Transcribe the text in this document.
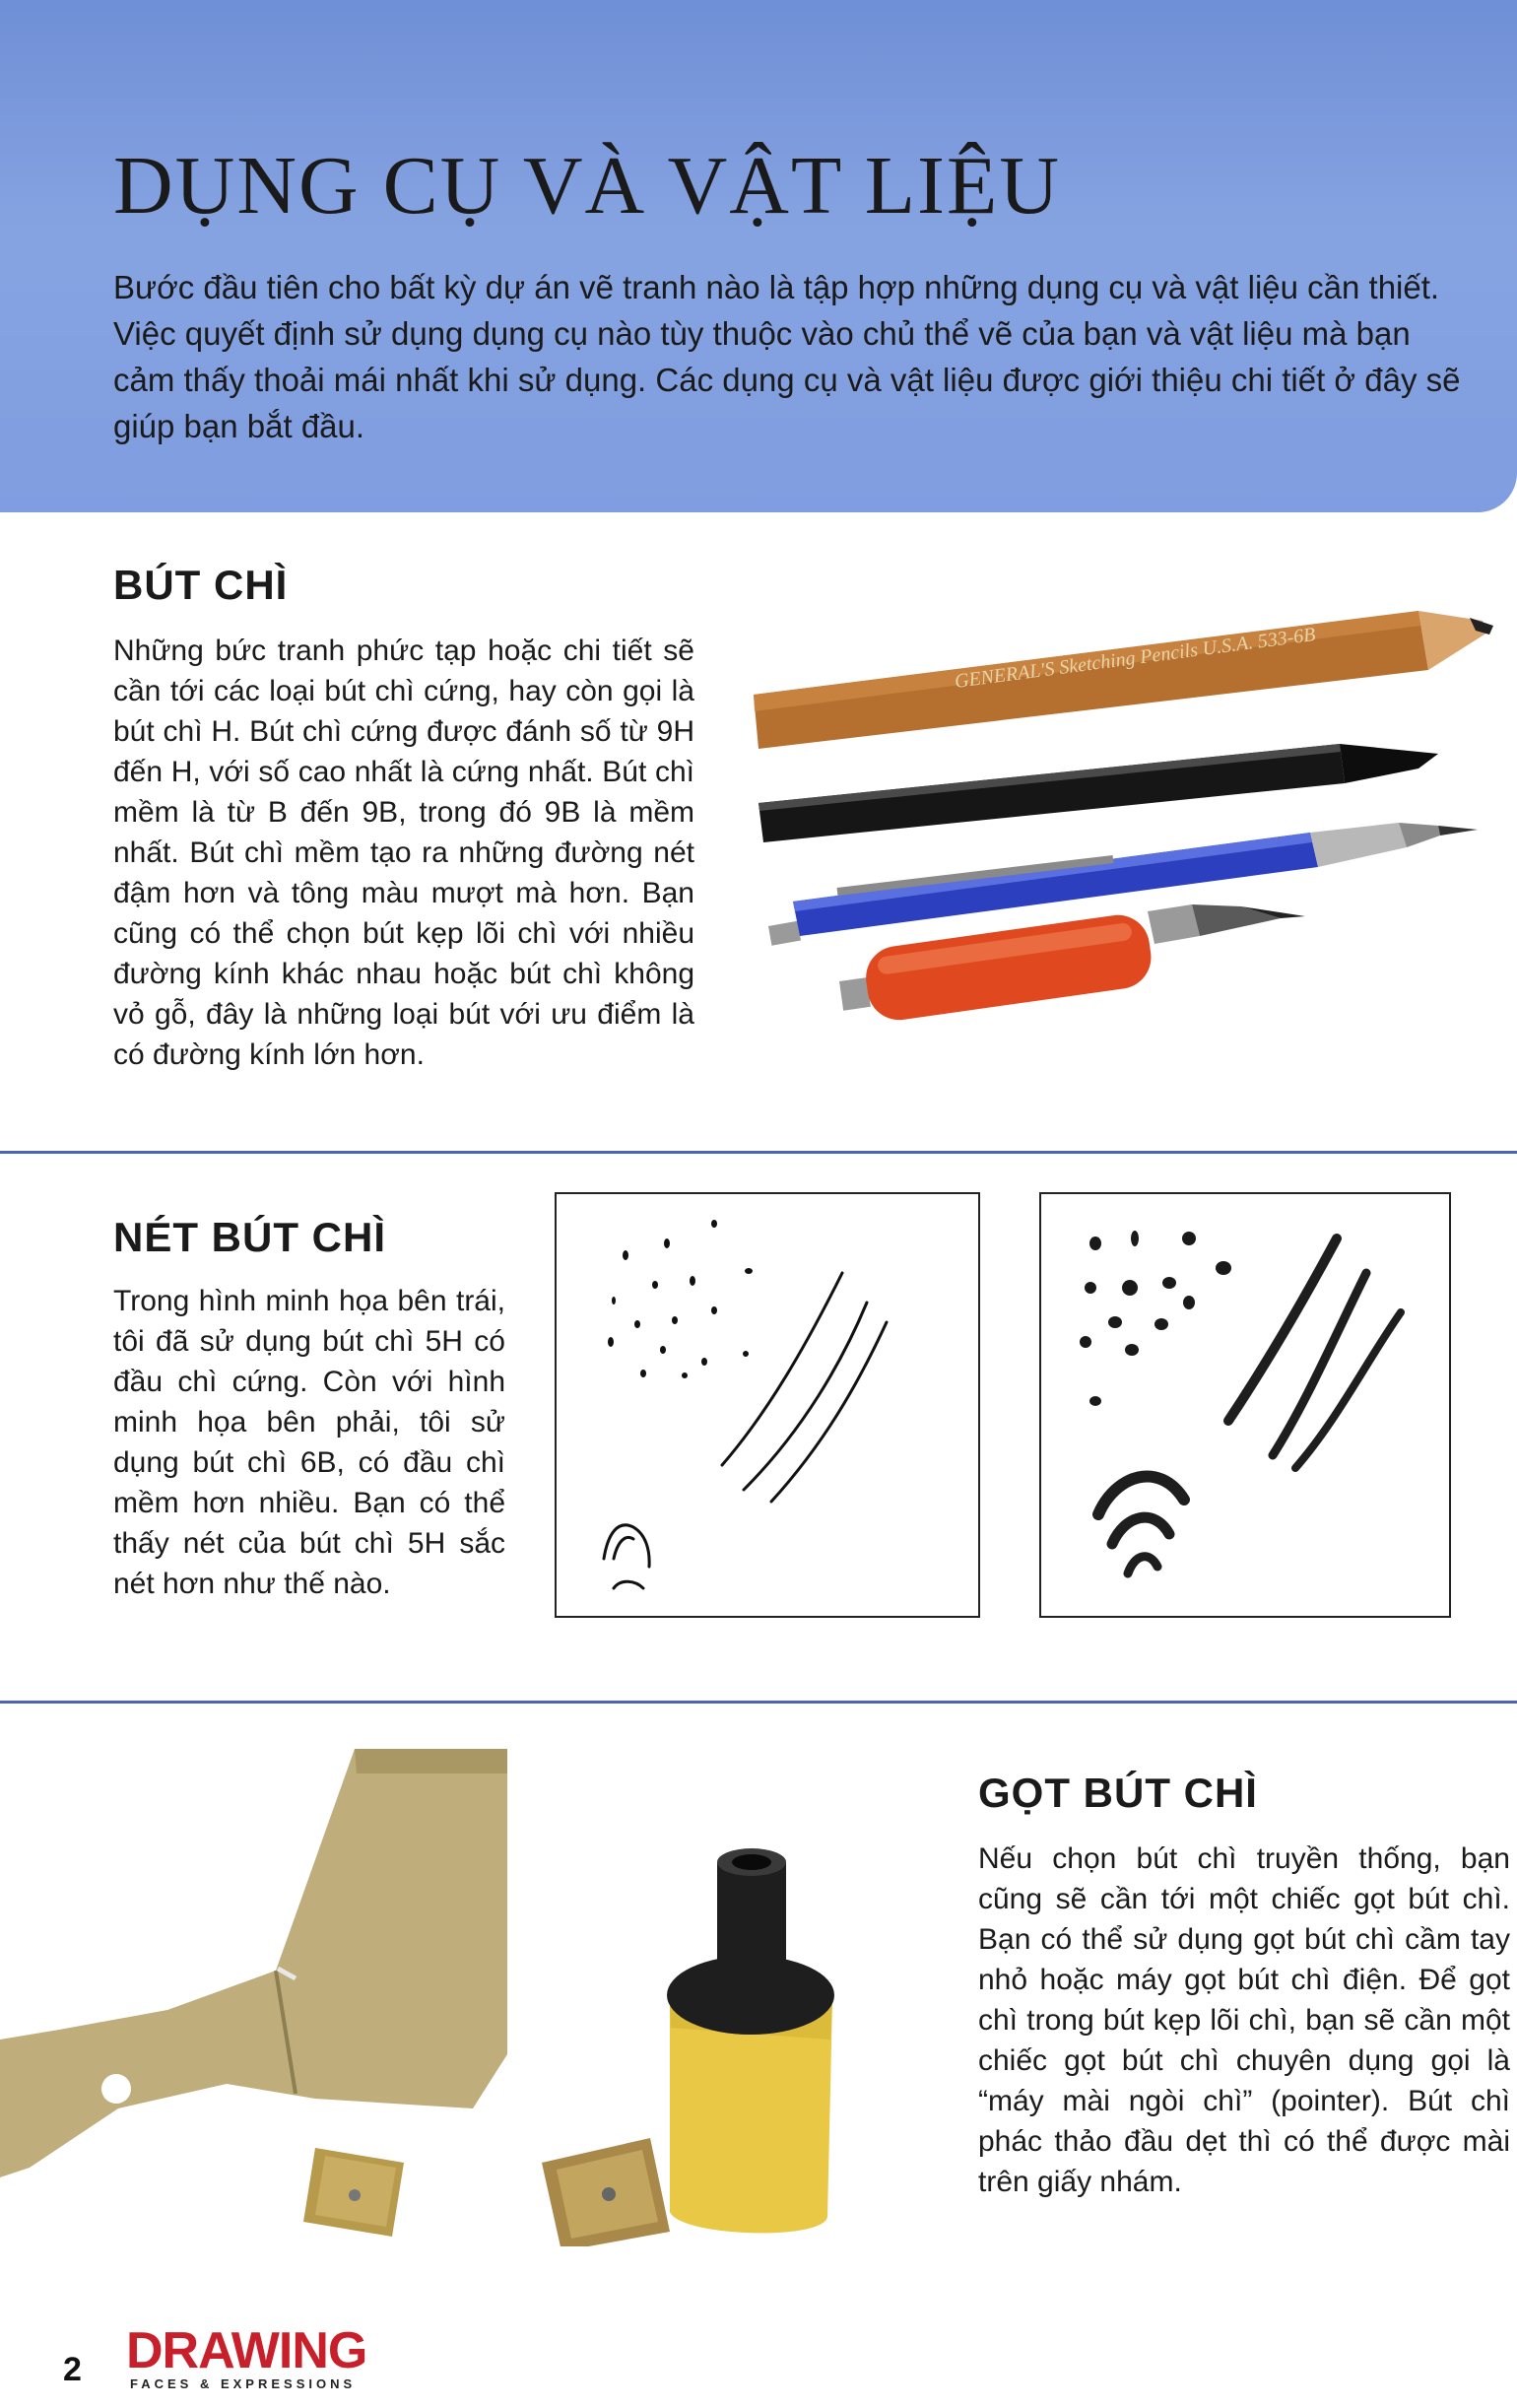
DỤNG CỤ VÀ VẬT LIỆU

Bước đầu tiên cho bất kỳ dự án vẽ tranh nào là tập hợp những dụng cụ và vật liệu cần thiết. Việc quyết định sử dụng dụng cụ nào tùy thuộc vào chủ thể vẽ của bạn và vật liệu mà bạn cảm thấy thoải mái nhất khi sử dụng. Các dụng cụ và vật liệu được giới thiệu chi tiết ở đây sẽ giúp bạn bắt đầu.

BÚT CHÌ

Những bức tranh phức tạp hoặc chi tiết sẽ cần tới các loại bút chì cứng, hay còn gọi là bút chì H. Bút chì cứng được đánh số từ 9H đến H, với số cao nhất là cứng nhất. Bút chì mềm là từ B đến 9B, trong đó 9B là mềm nhất. Bút chì mềm tạo ra những đường nét đậm hơn và tông màu mượt mà hơn. Bạn cũng có thể chọn bút kẹp lõi chì với nhiều đường kính khác nhau hoặc bút chì không vỏ gỗ, đây là những loại bút với ưu điểm là có đường kính lớn hơn.

GENERAL'S Sketching Pencils U.S.A. 533-6B
NÉT BÚT CHÌ

Trong hình minh họa bên trái, tôi đã sử dụng bút chì 5H có đầu chì cứng. Còn với hình minh họa bên phải, tôi sử dụng bút chì 6B, có đầu chì mềm hơn nhiều. Bạn có thể thấy nét của bút chì 5H sắc nét hơn như thế nào.

GỌT BÚT CHÌ

Nếu chọn bút chì truyền thống, bạn cũng sẽ cần tới một chiếc gọt bút chì. Bạn có thể sử dụng gọt bút chì cầm tay nhỏ hoặc máy gọt bút chì điện. Để gọt chì trong bút kẹp lõi chì, bạn sẽ cần một chiếc gọt bút chì chuyên dụng gọi là “máy mài ngòi chì” (pointer). Bút chì phác thảo đầu dẹt thì có thể được mài trên giấy nhám.

2 DRAWING
FACES & EXPRESSIONS
